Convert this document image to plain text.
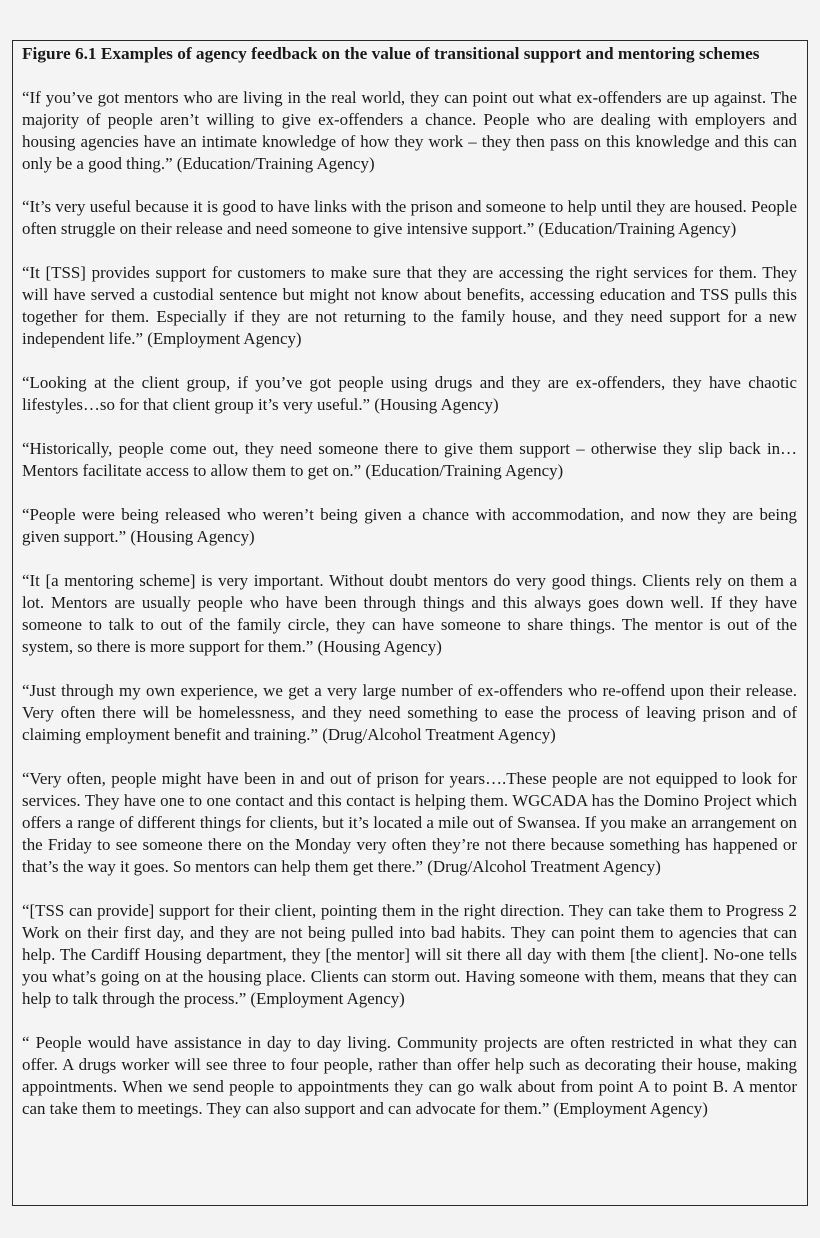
Figure 6.1 Examples of agency feedback on the value of transitional support and mentoring schemes

“If you’ve got mentors who are living in the real world, they can point out what ex-offenders are up against. The majority of people aren’t willing to give ex-offenders a chance. People who are dealing with employers and housing agencies have an intimate knowledge of how they work – they then pass on this knowledge and this can only be a good thing.” (Education/Training Agency)

“It’s very useful because it is good to have links with the prison and someone to help until they are housed. People often struggle on their release and need someone to give intensive support.” (Education/Training Agency)

“It [TSS] provides support for customers to make sure that they are accessing the right services for them. They will have served a custodial sentence but might not know about benefits, accessing education and TSS pulls this together for them. Especially if they are not returning to the family house, and they need support for a new independent life.” (Employment Agency)

“Looking at the client group, if you’ve got people using drugs and they are ex-offenders, they have chaotic lifestyles…so for that client group it’s very useful.” (Housing Agency)

“Historically, people come out, they need someone there to give them support – otherwise they slip back in…Mentors facilitate access to allow them to get on.” (Education/Training Agency)

“People were being released who weren’t being given a chance with accommodation, and now they are being given support.” (Housing Agency)

“It [a mentoring scheme] is very important. Without doubt mentors do very good things. Clients rely on them a lot. Mentors are usually people who have been through things and this always goes down well. If they have someone to talk to out of the family circle, they can have someone to share things. The mentor is out of the system, so there is more support for them.” (Housing Agency)

“Just through my own experience, we get a very large number of ex-offenders who re-offend upon their release. Very often there will be homelessness, and they need something to ease the process of leaving prison and of claiming employment benefit and training.” (Drug/Alcohol Treatment Agency)

“Very often, people might have been in and out of prison for years….These people are not equipped to look for services. They have one to one contact and this contact is helping them. WGCADA has the Domino Project which offers a range of different things for clients, but it’s located a mile out of Swansea. If you make an arrangement on the Friday to see someone there on the Monday very often they’re not there because something has happened or that’s the way it goes. So mentors can help them get there.” (Drug/Alcohol Treatment Agency)

“[TSS can provide] support for their client, pointing them in the right direction. They can take them to Progress 2 Work on their first day, and they are not being pulled into bad habits. They can point them to agencies that can help. The Cardiff Housing department, they [the mentor] will sit there all day with them [the client]. No-one tells you what’s going on at the housing place. Clients can storm out. Having someone with them, means that they can help to talk through the process.” (Employment Agency)

“ People would have assistance in day to day living. Community projects are often restricted in what they can offer. A drugs worker will see three to four people, rather than offer help such as decorating their house, making appointments. When we send people to appointments they can go walk about from point A to point B. A mentor can take them to meetings. They can also support and can advocate for them.” (Employment Agency)
